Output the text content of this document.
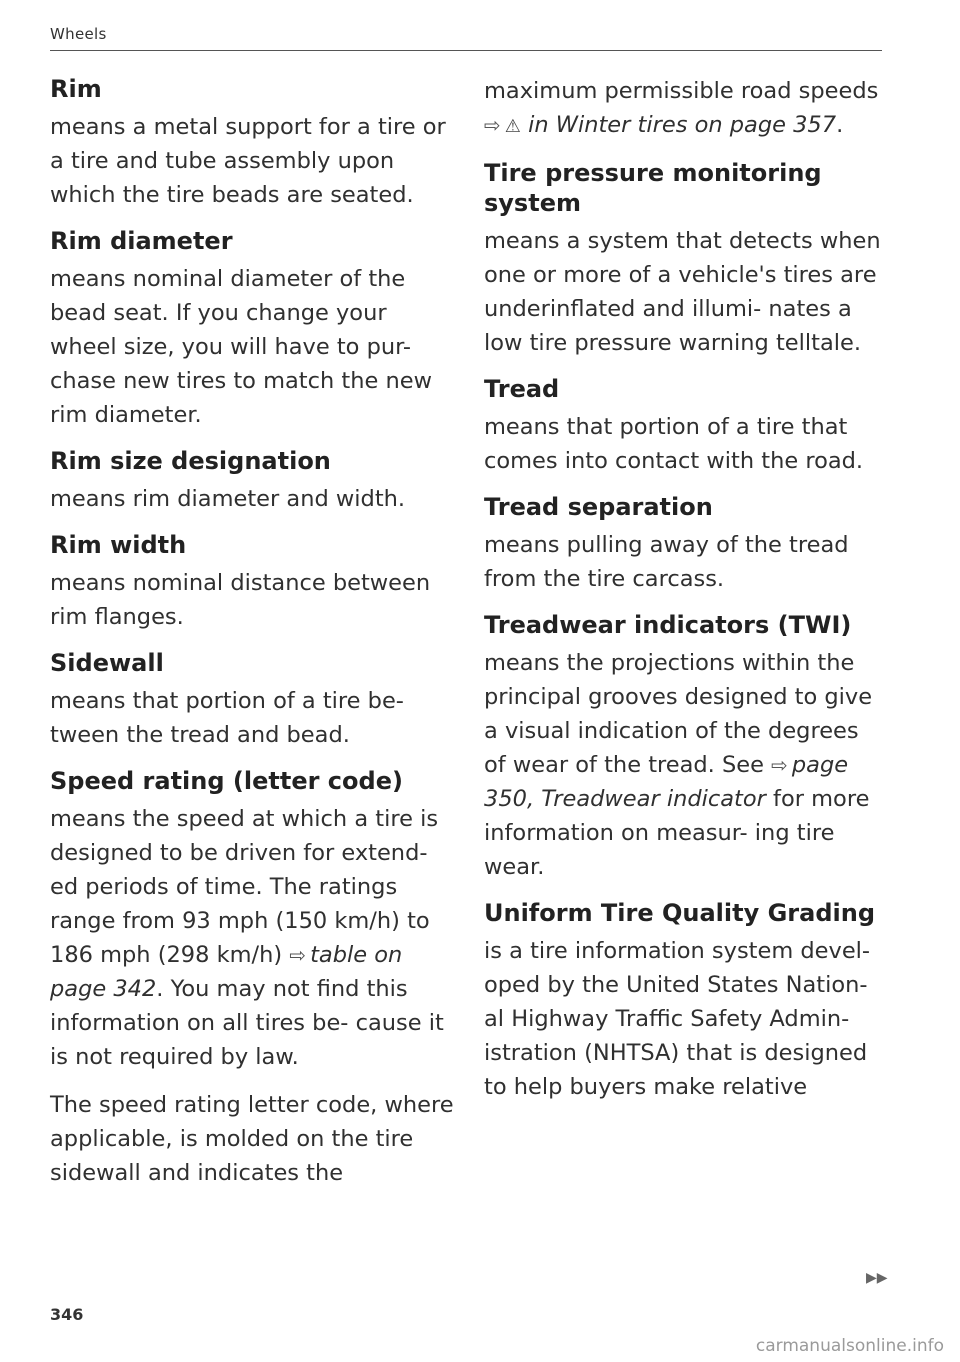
Wheels
Rim

means a metal support for a tire or a tire and tube assembly upon which the tire beads are seated.

Rim diameter

means nominal diameter of the bead seat. If you change your wheel size, you will have to pur- chase new tires to match the new rim diameter.

Rim size designation

means rim diameter and width.

Rim width

means nominal distance between rim flanges.

Sidewall

means that portion of a tire be- tween the tread and bead.

Speed rating (letter code)

means the speed at which a tire is designed to be driven for extend- ed periods of time. The ratings range from 93 mph (150 km/h) to 186 mph (298 km/h) ⇨ table on page 342. You may not find this information on all tires be- cause it is not required by law.

The speed rating letter code, where applicable, is molded on the tire sidewall and indicates the

maximum permissible road speeds ⇨ ⚠ in Winter tires on page 357.

Tire pressure monitoring system

means a system that detects when one or more of a vehicle's tires are underinflated and illumi- nates a low tire pressure warning telltale.

Tread

means that portion of a tire that comes into contact with the road.

Tread separation

means pulling away of the tread from the tire carcass.

Treadwear indicators (TWI)

means the projections within the principal grooves designed to give a visual indication of the degrees of wear of the tread. See ⇨ page 350, Treadwear indicator for more information on measur- ing tire wear.

Uniform Tire Quality Grading

is a tire information system devel- oped by the United States Nation- al Highway Traffic Safety Admin- istration (NHTSA) that is designed to help buyers make relative

▶▶
346
carmanualsonline.info
